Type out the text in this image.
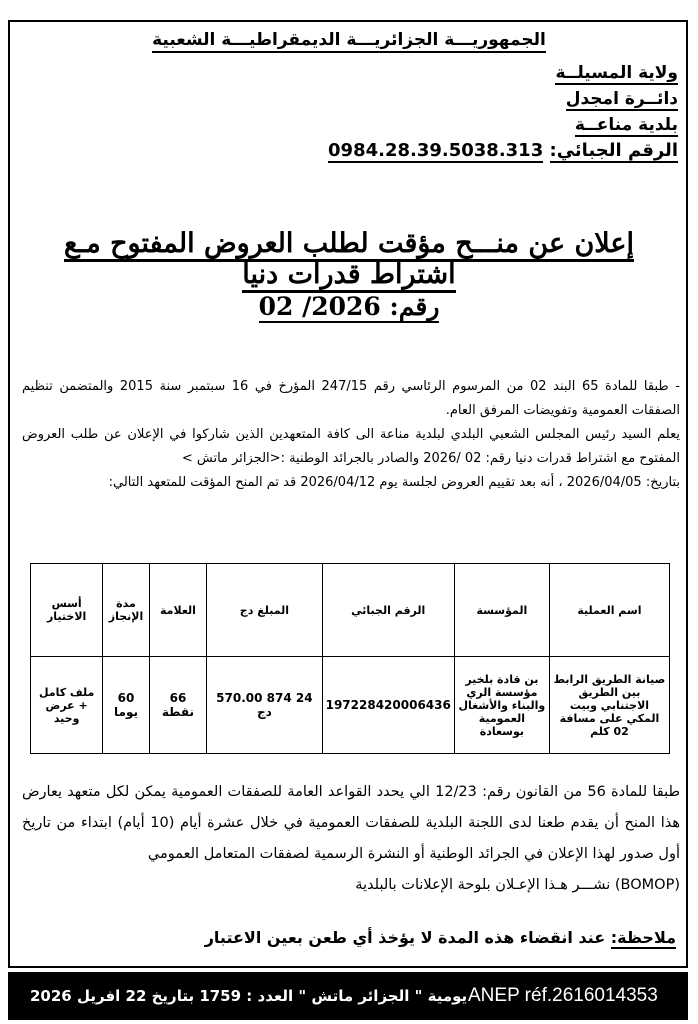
الجمهوريـــة الجزائريـــة الديمقراطيـــة الشعبية
ولاية المسيلــة
دائــرة امجدل
بلدية مناعــة
الرقم الجبائي: 0984.28.39.5038.313
إعلان عن منـــح مؤقت لطلب العروض المفتوح مـع اشتراط قدرات دنيا
رقم: 02 /2026

- طبقا للمادة 65 البند 02 من المرسوم الرئاسي رقم 247/15 المؤرخ في 16 سبتمبر سنة 2015 والمتضمن تنظيم الصفقات العمومية وتفويضات المرفق العام.

يعلم السيد رئيس المجلس الشعبي البلدي لبلدية مناعة الى كافة المتعهدين الذين شاركوا في الإعلان عن طلب العروض المفتوح مع اشتراط قدرات دنيا رقم: 02 /2026 والصادر بالجرائد الوطنية :<الجزائر ماتش >

بتاريخ: 2026/04/05 ، أنه بعد تقييم العروض لجلسة يوم 2026/04/12 قد تم المنح المؤقت للمتعهد التالي:

اسم العملية	المؤسسة	الرقم الجبائي	المبلغ دج	العلامة	مدة الإنجاز	أسس الاختيار
صيانة الطريق الرابط بين الطريق الاجتنابي وبيت المكي على مسافة 02 كلم	بن قادة بلخير مؤسسة الري والبناء والأشغال العمومية بوسعادة	197228420006436	24 874 570.00 دج	66 نقطة	60 يوما	ملف كامل + عرض وحيد

طبقا للمادة 56 من القانون رقم: 12/23 الي يحدد القواعد العامة للصفقات العمومية يمكن لكل متعهد يعارض هذا المنح أن يقدم طعنا لدى اللجنة البلدية للصفقات العمومية في خلال عشرة أيام (10 أيام) ابتداء من تاريخ أول صدور لهذا الإعلان في الجرائد الوطنية أو النشرة الرسمية لصفقات المتعامل العمومي

(BOMOP) نشـــر هـذا الإعـلان بلوحة الإعلانات بالبلدية

ملاحظة: عند انقضاء هذه المدة لا يؤخذ أي طعن بعين الاعتبار
ANEP réf.2616014353
يومية " الجزائر ماتش " العدد : 1759 بتاريخ 22 افريل 2026
